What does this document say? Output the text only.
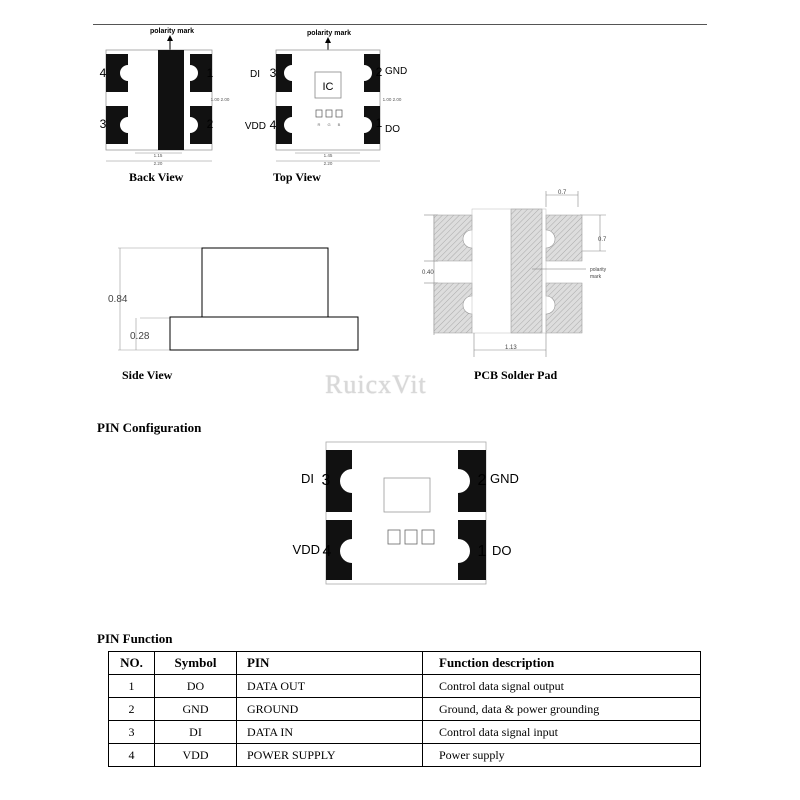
polarity mark
4
3
1
2
1.15
2.20
1.00 2.00
Back View
polarity mark
IC
R G B
DI 3
VDD 4
2 GND
1 DO
1.45
2.20
1.00 2.00
Top View
0.84
0.28
Side View
0.7
0.7
0.40	polarity
mark
1.13
PCB Solder Pad
RuicxVit
PIN Configuration
DI 3
VDD 4
2 GND
1 DO
PIN Function
NO.	Symbol	PIN	Function description
1	DO	DATA OUT	Control data signal output
2	GND	GROUND	Ground, data & power grounding
3	DI	DATA IN	Control data signal input
4	VDD	POWER SUPPLY	Power supply
